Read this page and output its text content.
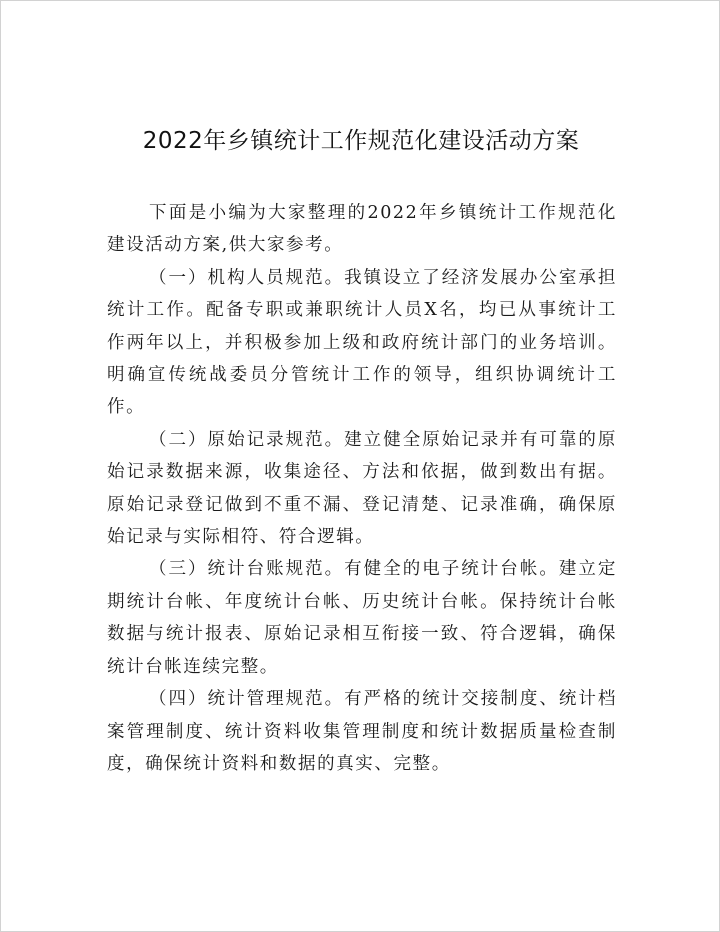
2022年乡镇统计工作规范化建设活动方案

下面是小编为大家整理的2022年乡镇统计工作规范化建设活动方案,供大家参考。

（一）机构人员规范。我镇设立了经济发展办公室承担统计工作。配备专职或兼职统计人员X名，均已从事统计工作两年以上，并积极参加上级和政府统计部门的业务培训。明确宣传统战委员分管统计工作的领导，组织协调统计工作。

（二）原始记录规范。建立健全原始记录并有可靠的原始记录数据来源，收集途径、方法和依据，做到数出有据。原始记录登记做到不重不漏、登记清楚、记录准确，确保原始记录与实际相符、符合逻辑。

（三）统计台账规范。有健全的电子统计台帐。建立定期统计台帐、年度统计台帐、历史统计台帐。保持统计台帐数据与统计报表、原始记录相互衔接一致、符合逻辑，确保统计台帐连续完整。

（四）统计管理规范。有严格的统计交接制度、统计档案管理制度、统计资料收集管理制度和统计数据质量检查制度，确保统计资料和数据的真实、完整。
